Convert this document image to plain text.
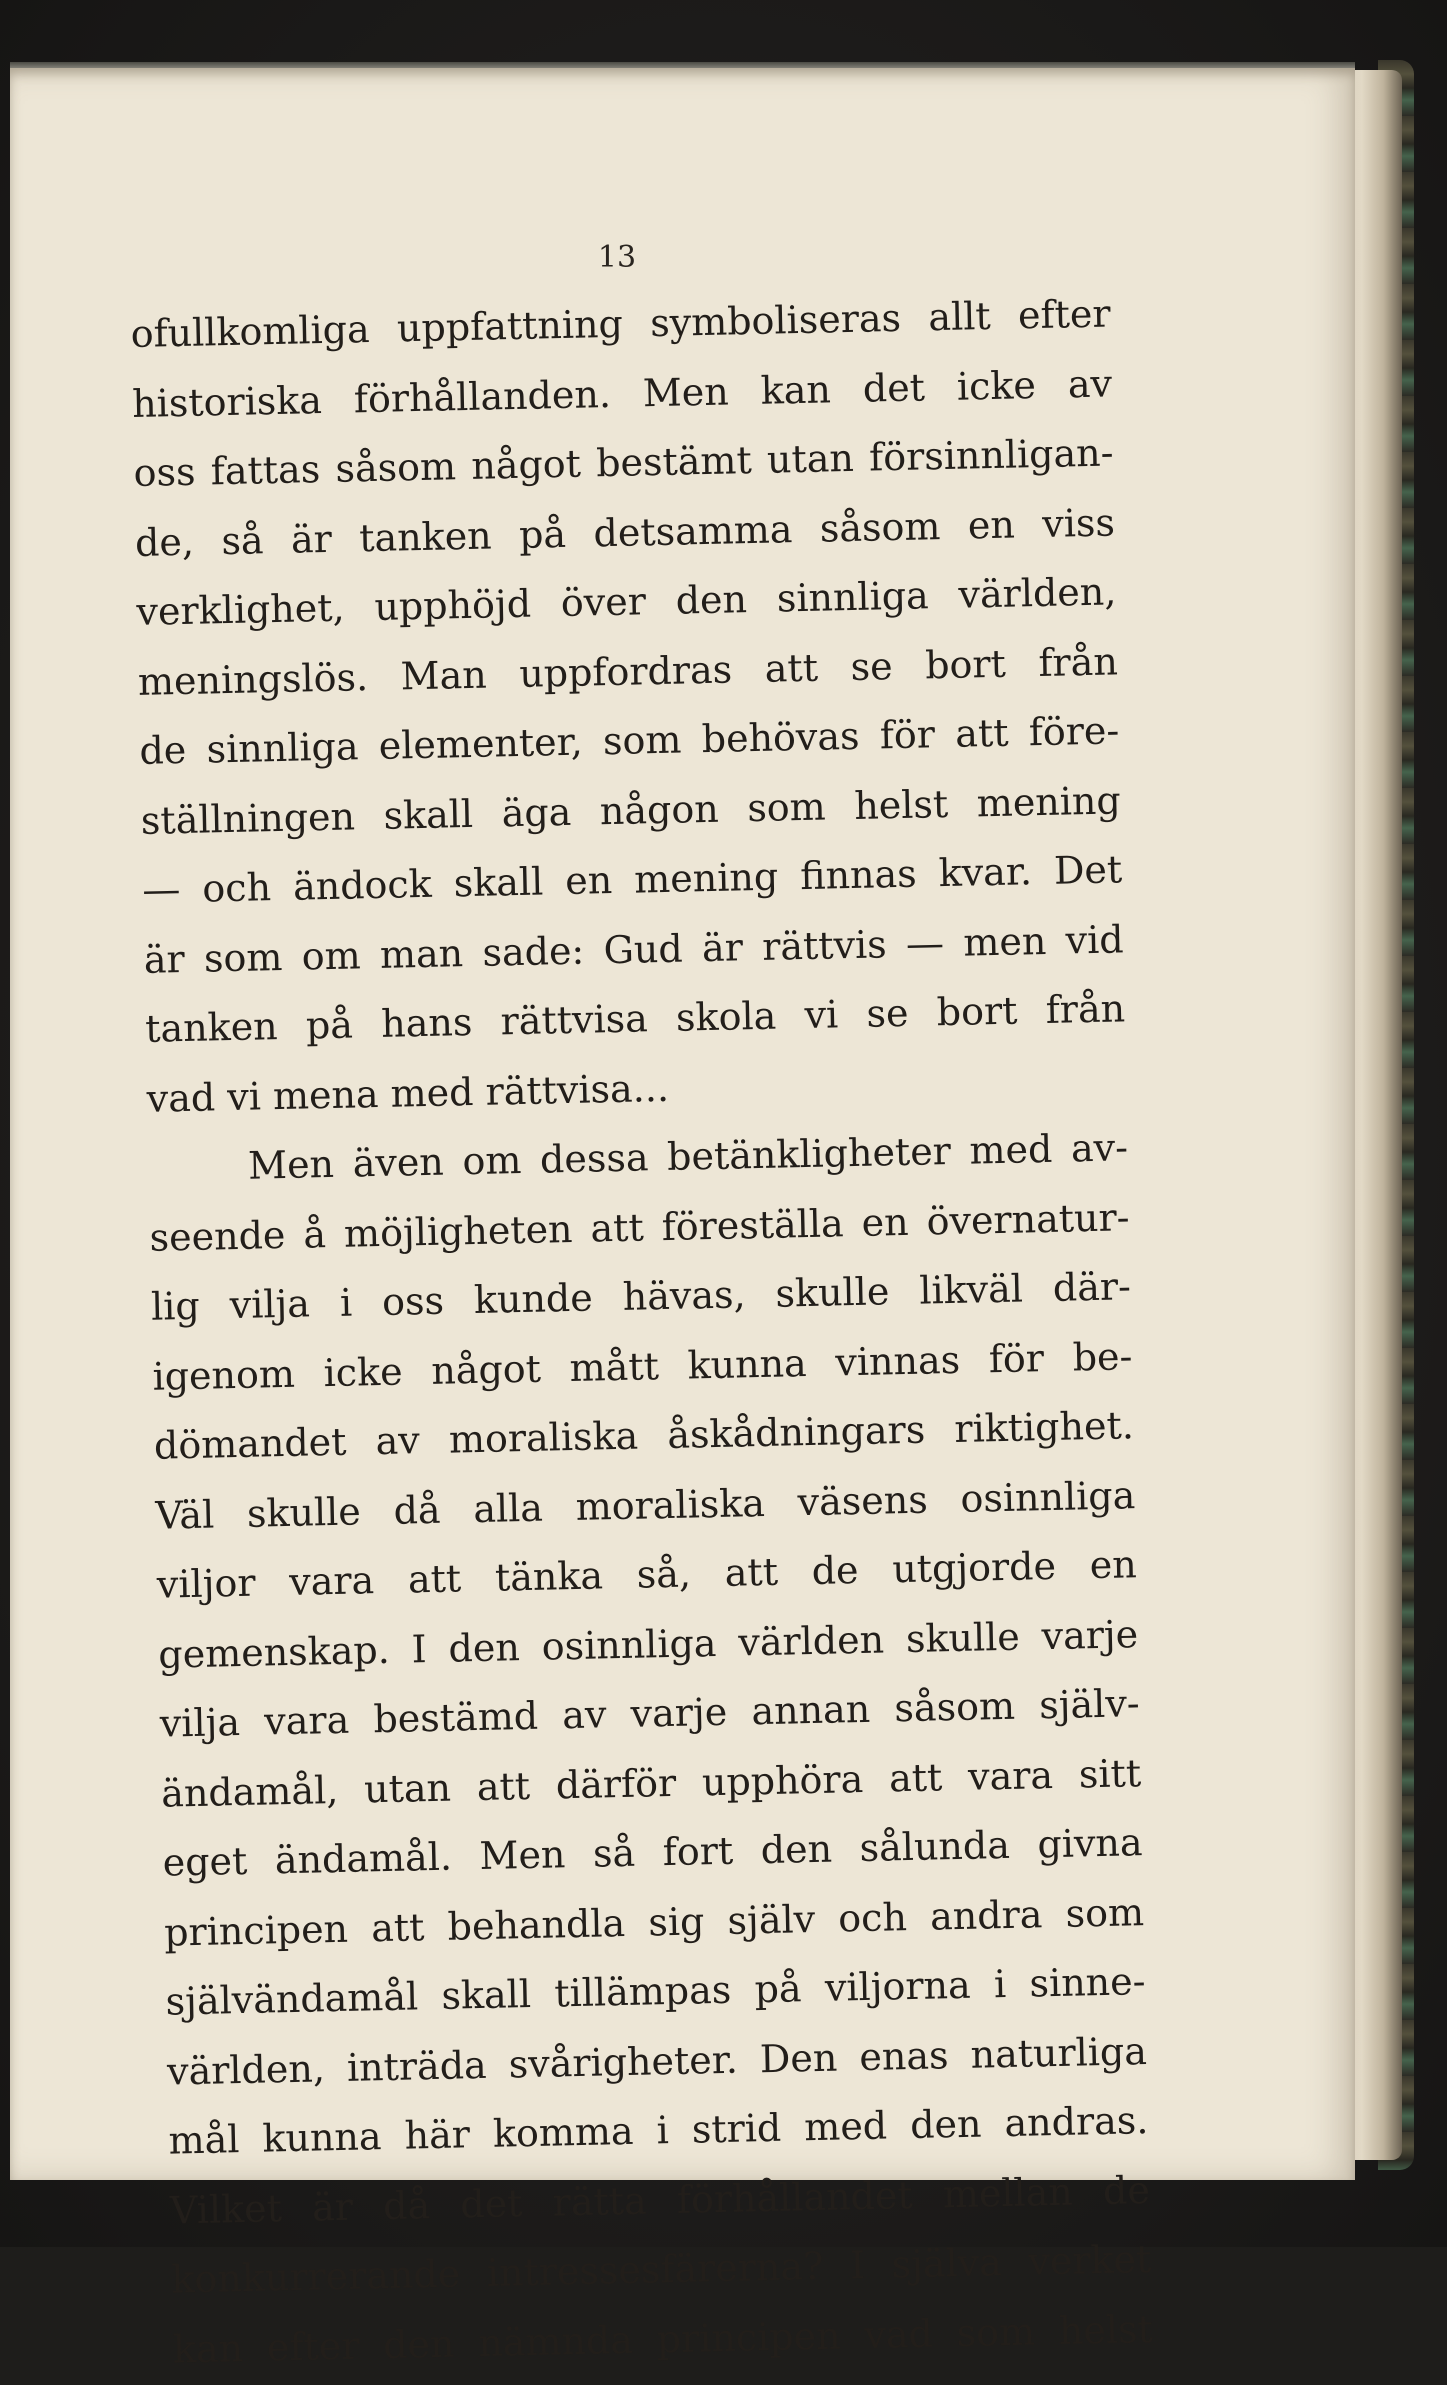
13
ofullkomliga uppfattning symboliseras allt efter
historiska förhållanden. Men kan det icke av
oss fattas såsom något bestämt utan försinnligan-
de, så är tanken på detsamma såsom en viss
verklighet, upphöjd över den sinnliga världen,
meningslös. Man uppfordras att se bort från
de sinnliga elementer, som behövas för att före-
ställningen skall äga någon som helst mening
— och ändock skall en mening finnas kvar. Det
är som om man sade: Gud är rättvis — men vid
tanken på hans rättvisa skola vi se bort från
vad vi mena med rättvisa...
Men även om dessa betänkligheter med av-
seende å möjligheten att föreställa en övernatur-
lig vilja i oss kunde hävas, skulle likväl där-
igenom icke något mått kunna vinnas för be-
dömandet av moraliska åskådningars riktighet.
Väl skulle då alla moraliska väsens osinnliga
viljor vara att tänka så, att de utgjorde en
gemenskap. I den osinnliga världen skulle varje
vilja vara bestämd av varje annan såsom själv-
ändamål, utan att därför upphöra att vara sitt
eget ändamål. Men så fort den sålunda givna
principen att behandla sig själv och andra som
självändamål skall tillämpas på viljorna i sinne-
världen, inträda svårigheter. Den enas naturliga
mål kunna här komma i strid med den andras.
Vilket är då det rätta förhållandet mellan de
konkurrerande intressesfärerna? I själva verket
kan efter den nämnda principen vad som helst
